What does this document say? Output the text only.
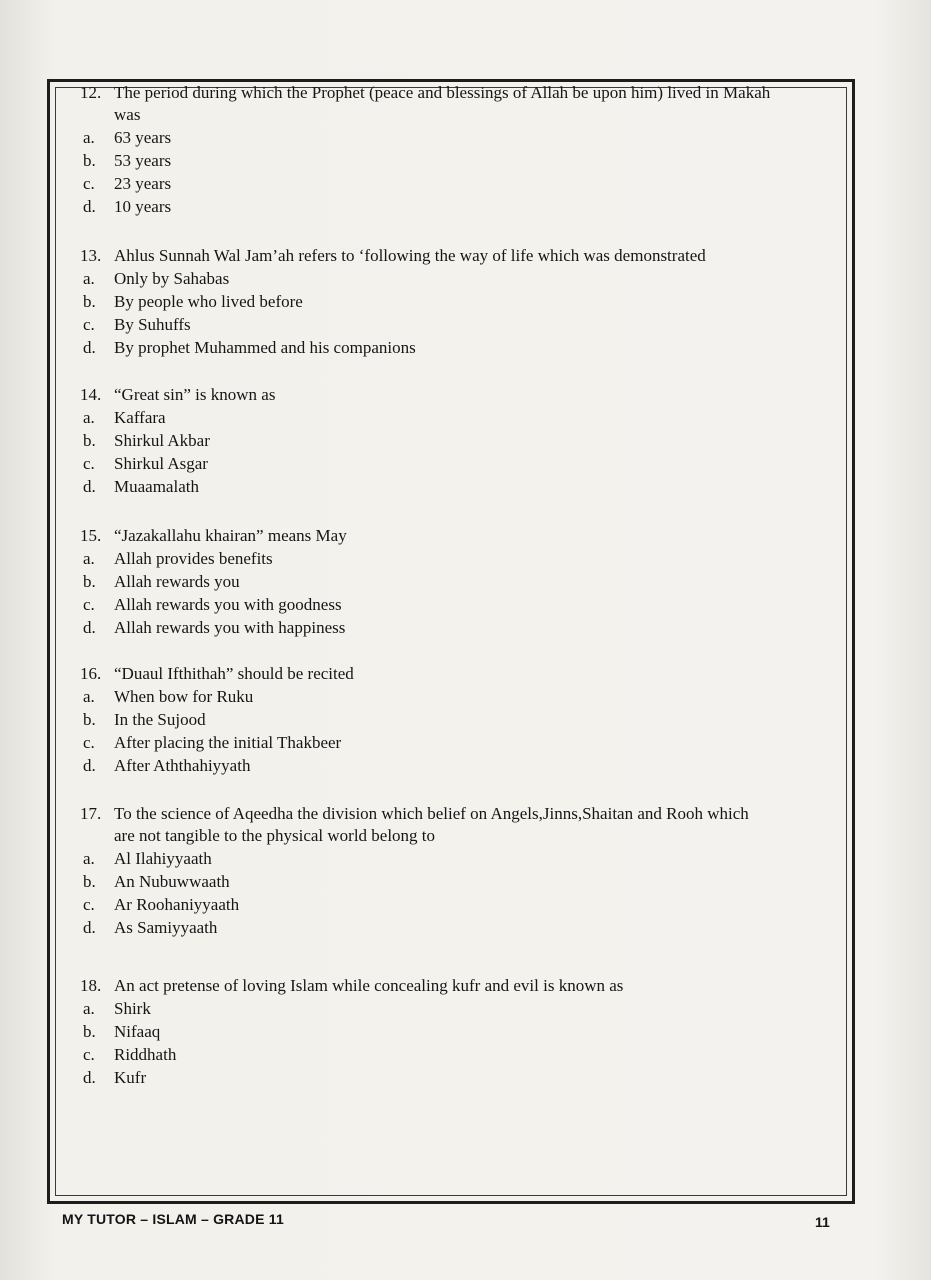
12. The period during which the Prophet (peace and blessings of Allah be upon him) lived in Makah
was
a.	63 years
b.	53 years
c.	23 years
d.	10 years
13. Ahlus Sunnah Wal Jam’ah refers to ‘following the way of life which was demonstrated
a.	Only by Sahabas
b.	By people who lived before
c.	By Suhuffs
d.	By prophet Muhammed and his companions
14. “Great sin” is known as
a.	Kaffara
b.	Shirkul Akbar
c.	Shirkul Asgar
d.	Muaamalath
15. “Jazakallahu khairan” means May
a.	Allah provides benefits
b.	Allah rewards you
c.	Allah rewards you with goodness
d.	Allah rewards you with happiness
16. “Duaul Ifthithah” should be recited
a.	When bow for Ruku
b.	In the Sujood
c.	After placing the initial Thakbeer
d.	After Aththahiyyath
17. To the science of Aqeedha the division which belief on Angels,Jinns,Shaitan and Rooh which
are not tangible to the physical world belong to
a.	Al Ilahiyyaath
b.	An Nubuwwaath
c.	Ar Roohaniyyaath
d.	As Samiyyaath
18. An act pretense of loving Islam while concealing kufr and evil is known as
a.	Shirk
b.	Nifaaq
c.	Riddhath
d.	Kufr
MY TUTOR – ISLAM – GRADE 11	11
